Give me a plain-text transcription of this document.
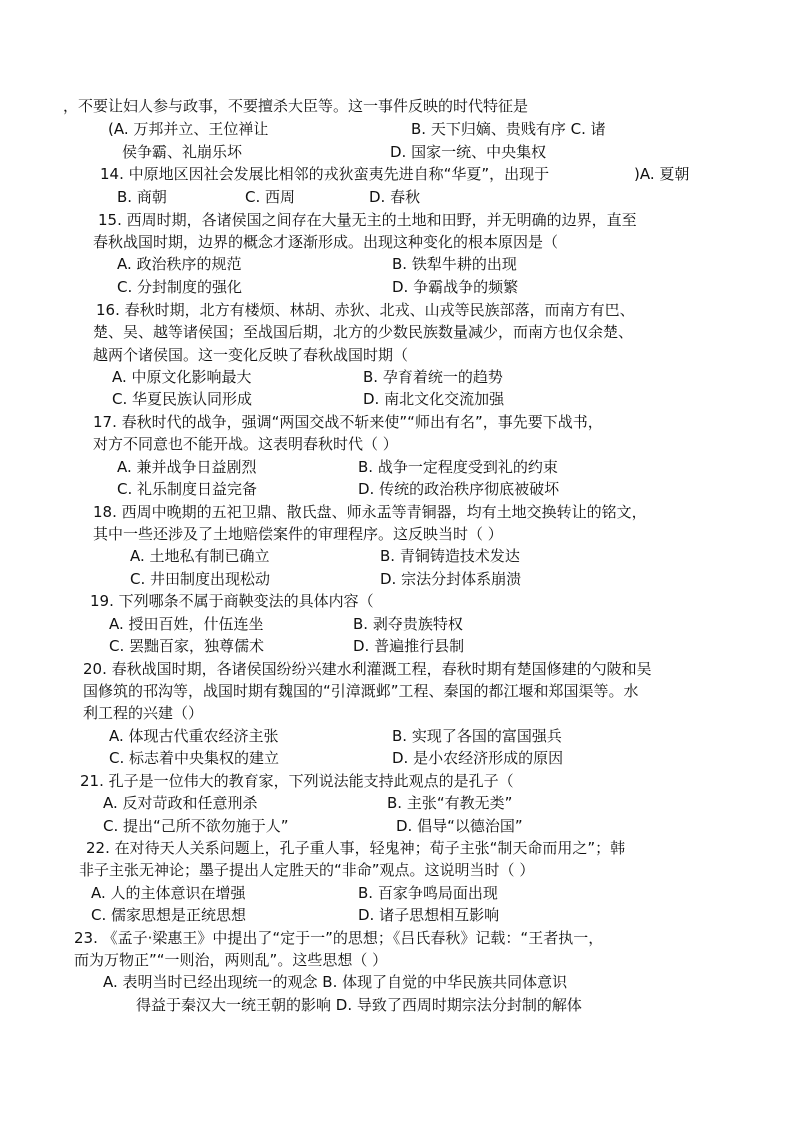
，不要让妇人参与政事，不要擅杀大臣等。这一事件反映的时代特征是
(A. 万邦并立、王位禅让	B. 天下归嫡、贵贱有序 C. 诸
侯争霸、礼崩乐坏	D. 国家一统、中央集权
14. 中原地区因社会发展比相邻的戎狄蛮夷先进自称“华夏”，出现于	)A. 夏朝
B. 商朝	C. 西周	D. 春秋
15. 西周时期，各诸侯国之间存在大量无主的土地和田野，并无明确的边界，直至
春秋战国时期，边界的概念才逐渐形成。出现这种变化的根本原因是（
A. 政治秩序的规范	B. 铁犁牛耕的出现
C. 分封制度的强化	D. 争霸战争的频繁
16. 春秋时期，北方有楼烦、林胡、赤狄、北戎、山戎等民族部落，而南方有巴、
楚、吴、越等诸侯国；至战国后期，北方的少数民族数量减少，而南方也仅余楚、
越两个诸侯国。这一变化反映了春秋战国时期（
A. 中原文化影响最大	B. 孕育着统一的趋势
C. 华夏民族认同形成	D. 南北文化交流加强
17. 春秋时代的战争，强调“两国交战不斩来使”“师出有名”，事先要下战书，
对方不同意也不能开战。这表明春秋时代（ ）
A. 兼并战争日益剧烈	B. 战争一定程度受到礼的约束
C. 礼乐制度日益完备	D. 传统的政治秩序彻底被破坏
18. 西周中晚期的五祀卫鼎、散氏盘、师永盂等青铜器，均有土地交换转让的铭文，
其中一些还涉及了土地赔偿案件的审理程序。这反映当时（ ）
A. 土地私有制已确立	B. 青铜铸造技术发达
C. 井田制度出现松动	D. 宗法分封体系崩溃
19. 下列哪条不属于商鞅变法的具体内容（
A. 授田百姓，什伍连坐	B. 剥夺贵族特权
C. 罢黜百家，独尊儒术	D. 普遍推行县制
20. 春秋战国时期，各诸侯国纷纷兴建水利灌溉工程，春秋时期有楚国修建的勺陂和吴
国修筑的邗沟等，战国时期有魏国的“引漳溉邺”工程、秦国的都江堰和郑国渠等。水
利工程的兴建（）
A. 体现古代重农经济主张	B. 实现了各国的富国强兵
C. 标志着中央集权的建立	D. 是小农经济形成的原因
21. 孔子是一位伟大的教育家，下列说法能支持此观点的是孔子（
A. 反对苛政和任意刑杀	B. 主张“有教无类”
C. 提出“己所不欲勿施于人”	D. 倡导“以德治国”
22. 在对待天人关系问题上，孔子重人事，轻鬼神；荀子主张“制天命而用之”；韩
非子主张无神论；墨子提出人定胜天的“非命”观点。这说明当时（ ）
A. 人的主体意识在增强	B. 百家争鸣局面出现
C. 儒家思想是正统思想	D. 诸子思想相互影响
23. 《孟子·梁惠王》中提出了“定于一”的思想；《吕氏春秋》记载：“王者执一，
而为万物正”“一则治，两则乱”。这些思想（ ）
A. 表明当时已经出现统一的观念 B. 体现了自觉的中华民族共同体意识
得益于秦汉大一统王朝的影响 D. 导致了西周时期宗法分封制的解体
